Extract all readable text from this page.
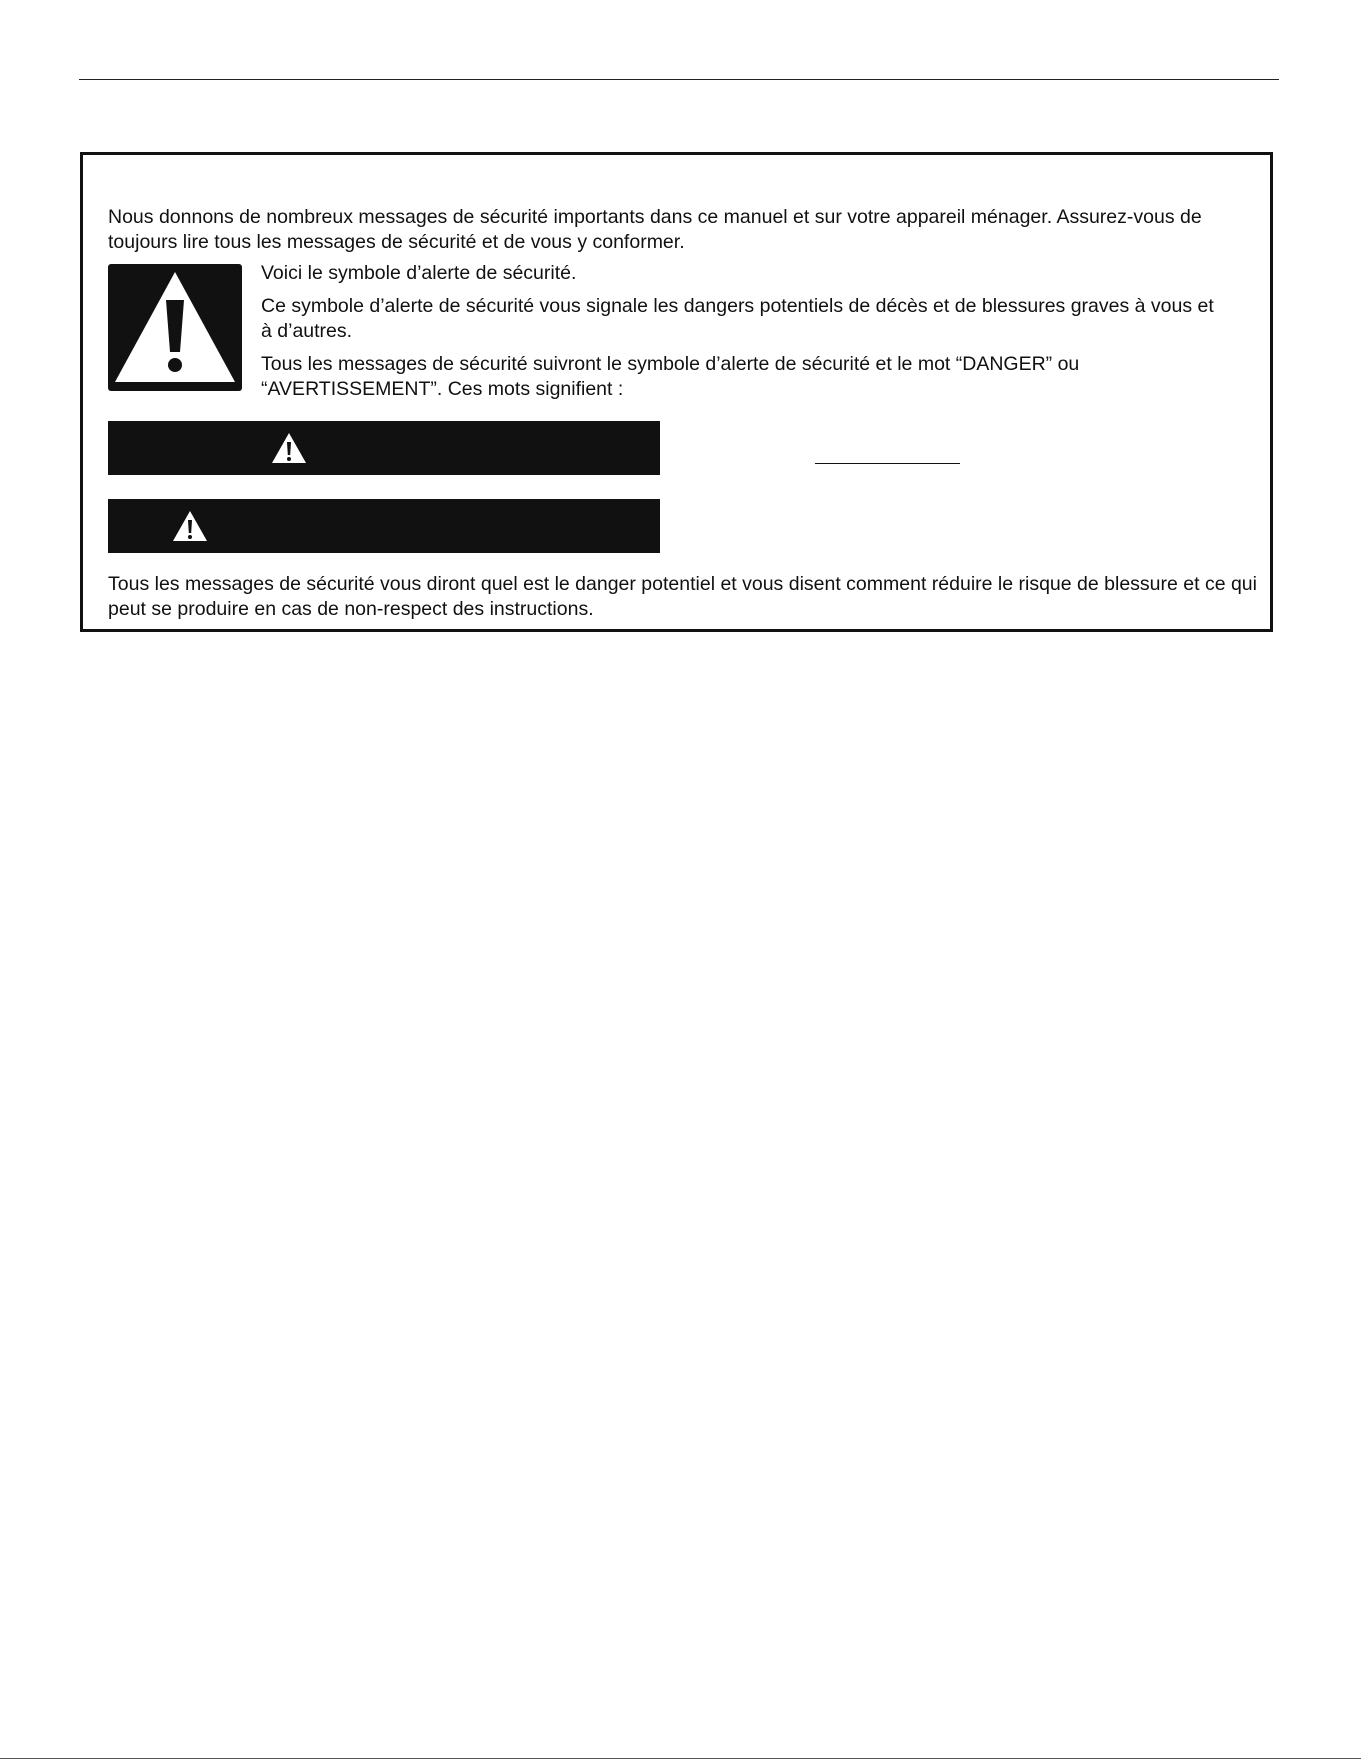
Nous donnons de nombreux messages de sécurité importants dans ce manuel et sur votre appareil ménager. Assurez-vous de toujours lire tous les messages de sécurité et de vous y conformer.

Voici le symbole d’alerte de sécurité.

Ce symbole d’alerte de sécurité vous signale les dangers potentiels de décès et de blessures graves à vous et à d’autres.

Tous les messages de sécurité suivront le symbole d’alerte de sécurité et le mot “DANGER” ou “AVERTISSEMENT”. Ces mots signifient :

Tous les messages de sécurité vous diront quel est le danger potentiel et vous disent comment réduire le risque de blessure et ce qui peut se produire en cas de non-respect des instructions.
